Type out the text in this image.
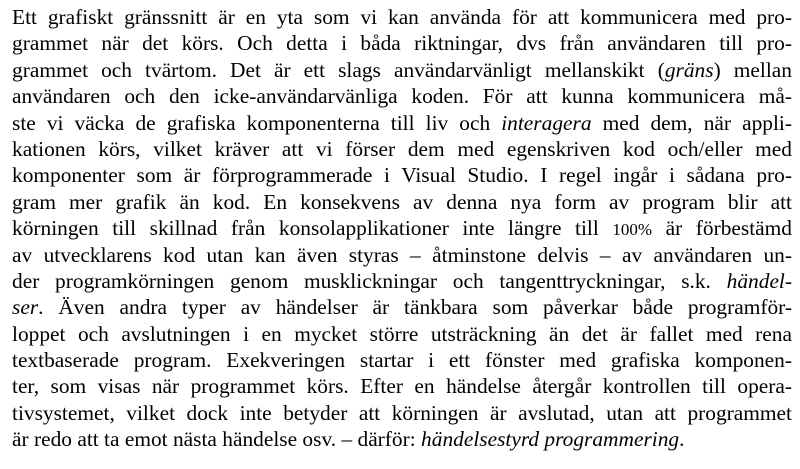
Ett grafiskt gränssnitt är en yta som vi kan använda för att kommunicera med pro-
grammet när det körs. Och detta i båda riktningar, dvs från användaren till pro-
grammet och tvärtom. Det är ett slags användarvänligt mellanskikt (gräns) mellan
användaren och den icke-användarvänliga koden. För att kunna kommunicera må-
ste vi väcka de grafiska komponenterna till liv och interagera med dem, när appli-
kationen körs, vilket kräver att vi förser dem med egenskriven kod och/eller med
komponenter som är förprogrammerade i Visual Studio. I regel ingår i sådana pro-
gram mer grafik än kod. En konsekvens av denna nya form av program blir att
körningen till skillnad från konsolapplikationer inte längre till 100% är förbestämd
av utvecklarens kod utan kan även styras – åtminstone delvis – av användaren un-
der programkörningen genom musklickningar och tangenttryckningar, s.k. händel-
ser. Även andra typer av händelser är tänkbara som påverkar både programför-
loppet och avslutningen i en mycket större utsträckning än det är fallet med rena
textbaserade program. Exekveringen startar i ett fönster med grafiska komponen-
ter, som visas när programmet körs. Efter en händelse återgår kontrollen till opera-
tivsystemet, vilket dock inte betyder att körningen är avslutad, utan att programmet
är redo att ta emot nästa händelse osv. – därför: händelsestyrd programmering.
